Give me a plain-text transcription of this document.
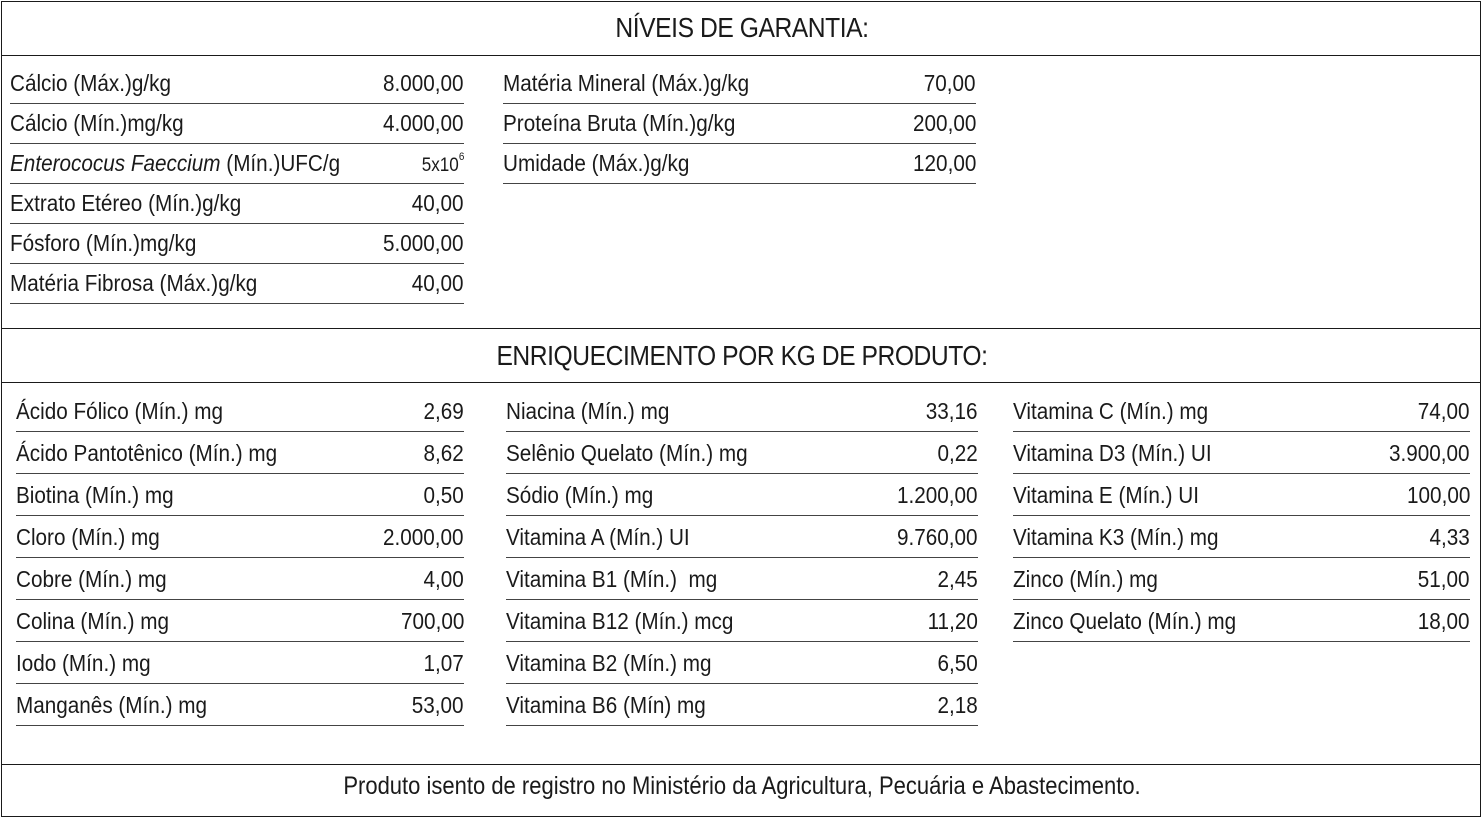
NÍVEIS DE GARANTIA:
Cálcio (Máx.)g/kg	8.000,00
Cálcio (Mín.)mg/kg	4.000,00
Enterococus Faeccium (Mín.)UFC/g	$5x10^6$
Extrato Etéreo (Mín.)g/kg	40,00
Fósforo (Mín.)mg/kg	5.000,00
Matéria Fibrosa (Máx.)g/kg	40,00
Matéria Mineral (Máx.)g/kg	70,00
Proteína Bruta (Mín.)g/kg	200,00
Umidade (Máx.)g/kg	120,00
ENRIQUECIMENTO POR KG DE PRODUTO:
Ácido Fólico (Mín.) mg	2,69
Ácido Pantotênico (Mín.) mg	8,62
Biotina (Mín.) mg	0,50
Cloro (Mín.) mg	2.000,00
Cobre (Mín.) mg	4,00
Colina (Mín.) mg	700,00
Iodo (Mín.) mg	1,07
Manganês (Mín.) mg	53,00
Niacina (Mín.) mg	33,16
Selênio Quelato (Mín.) mg	0,22
Sódio (Mín.) mg	1.200,00
Vitamina A (Mín.) UI	9.760,00
Vitamina B1 (Mín.)  mg	2,45
Vitamina B12 (Mín.) mcg	11,20
Vitamina B2 (Mín.) mg	6,50
Vitamina B6 (Mín) mg	2,18
Vitamina C (Mín.) mg	74,00
Vitamina D3 (Mín.) UI	3.900,00
Vitamina E (Mín.) UI	100,00
Vitamina K3 (Mín.) mg	4,33
Zinco (Mín.) mg	51,00
Zinco Quelato (Mín.) mg	18,00
Produto isento de registro no Ministério da Agricultura, Pecuária e Abastecimento.
